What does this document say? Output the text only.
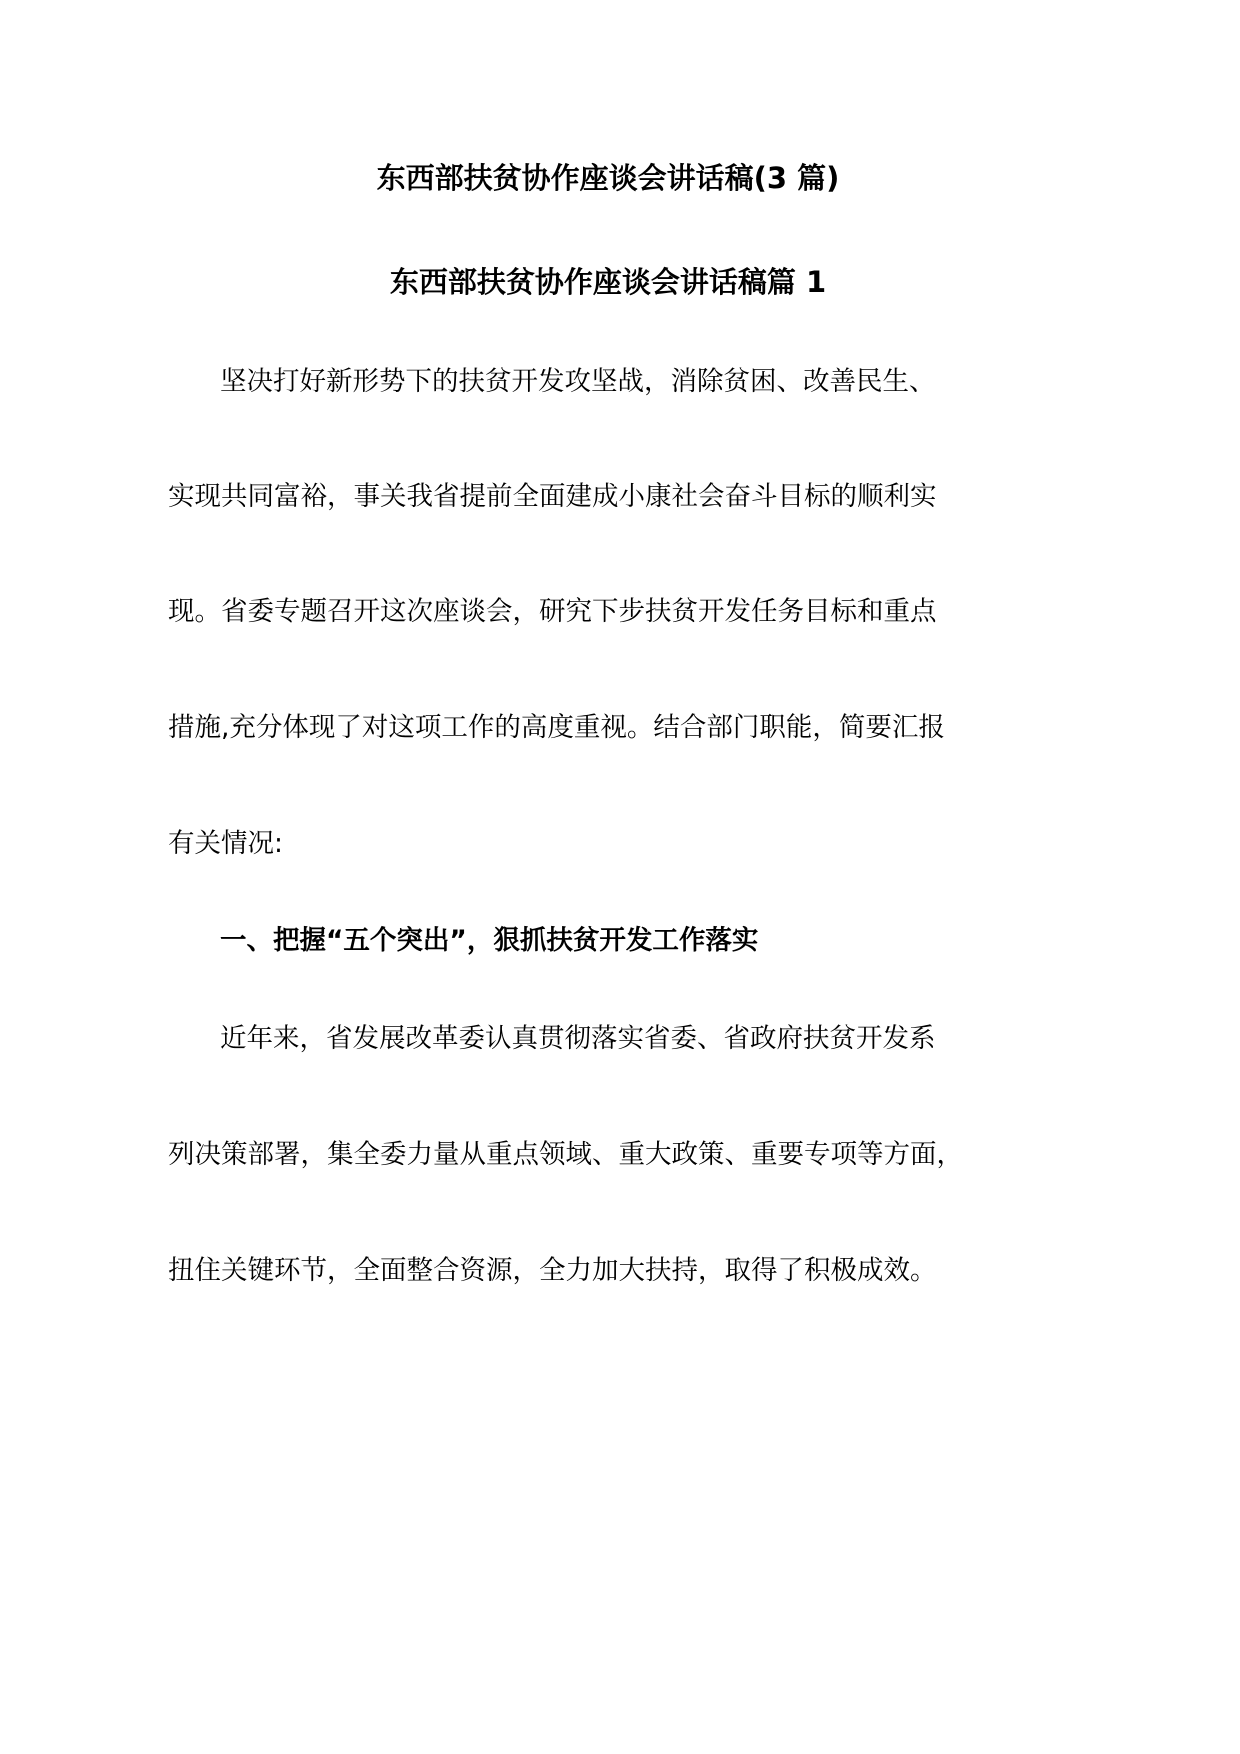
东西部扶贫协作座谈会讲话稿(3 篇)
东西部扶贫协作座谈会讲话稿篇 1
坚决打好新形势下的扶贫开发攻坚战，消除贫困、改善民生、
实现共同富裕，事关我省提前全面建成小康社会奋斗目标的顺利实
现。省委专题召开这次座谈会，研究下步扶贫开发任务目标和重点
措施,充分体现了对这项工作的高度重视。结合部门职能，简要汇报
有关情况:
一、把握“五个突出”，狠抓扶贫开发工作落实
近年来，省发展改革委认真贯彻落实省委、省政府扶贫开发系
列决策部署，集全委力量从重点领域、重大政策、重要专项等方面，
扭住关键环节，全面整合资源，全力加大扶持，取得了积极成效。
